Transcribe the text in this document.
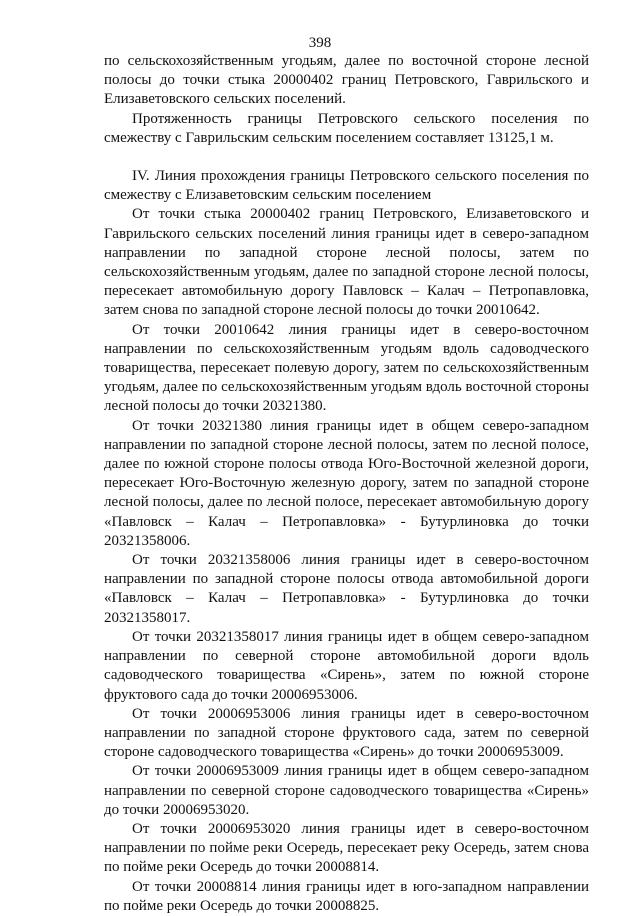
398

по сельскохозяйственным угодьям, далее по восточной стороне лесной полосы до точки стыка 20000402 границ Петровского, Гаврильского и Елизаветовского сельских поселений.

Протяженность границы Петровского сельского поселения по смежеству с Гаврильским сельским поселением составляет 13125,1 м.

IV. Линия прохождения границы Петровского сельского поселения по смежеству с Елизаветовским сельским поселением

От точки стыка 20000402 границ Петровского, Елизаветовского и Гаврильского сельских поселений линия границы идет в северо-западном направлении по западной стороне лесной полосы, затем по сельскохозяйственным угодьям, далее по западной стороне лесной полосы, пересекает автомобильную дорогу Павловск – Калач – Петропавловка, затем снова по западной стороне лесной полосы до точки 20010642.

От точки 20010642 линия границы идет в северо-восточном направлении по сельскохозяйственным угодьям вдоль садоводческого товарищества, пересекает полевую дорогу, затем по сельскохозяйственным угодьям, далее по сельскохозяйственным угодьям вдоль восточной стороны лесной полосы до точки 20321380.

От точки 20321380 линия границы идет в общем северо-западном направлении по западной стороне лесной полосы, затем по лесной полосе, далее по южной стороне полосы отвода Юго-Восточной железной дороги, пересекает Юго-Восточную железную дорогу, затем по западной стороне лесной полосы, далее по лесной полосе, пересекает автомобильную дорогу «Павловск – Калач – Петропавловка» - Бутурлиновка до точки 20321358006.

От точки 20321358006 линия границы идет в северо-восточном направлении по западной стороне полосы отвода автомобильной дороги «Павловск – Калач – Петропавловка» - Бутурлиновка до точки 20321358017.

От точки 20321358017 линия границы идет в общем северо-западном направлении по северной стороне автомобильной дороги вдоль садоводческого товарищества «Сирень», затем по южной стороне фруктового сада до точки 20006953006.

От точки 20006953006 линия границы идет в северо-восточном направлении по западной стороне фруктового сада, затем по северной стороне садоводческого товарищества «Сирень» до точки 20006953009.

От точки 20006953009 линия границы идет в общем северо-западном направлении по северной стороне садоводческого товарищества «Сирень» до точки 20006953020.

От точки 20006953020 линия границы идет в северо-восточном направлении по пойме реки Осередь, пересекает реку Осередь, затем снова по пойме реки Осередь до точки 20008814.

От точки 20008814 линия границы идет в юго-западном направлении по пойме реки Осередь до точки 20008825.
